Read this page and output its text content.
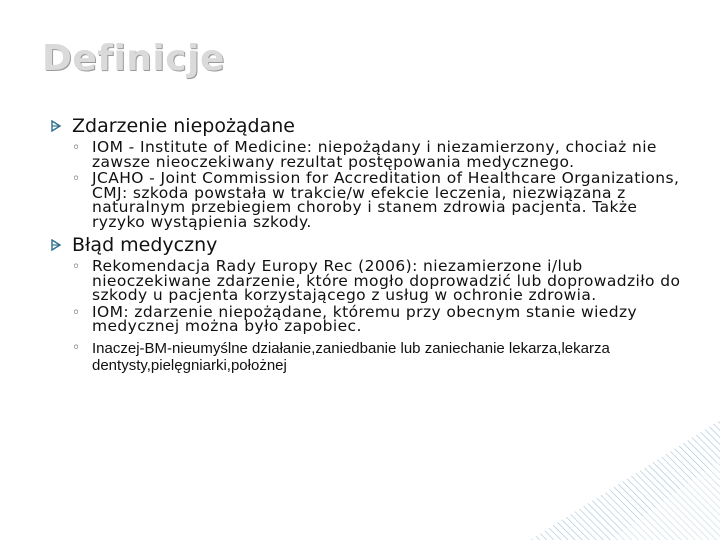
Definicje
Zdarzenie niepożądane
◦ IOM - Institute of Medicine: niepożądany i niezamierzony, chociaż nie zawsze nieoczekiwany rezultat postępowania medycznego.
◦ JCAHO - Joint Commission for Accreditation of Healthcare Organizations, CMJ: szkoda powstała w trakcie/w efekcie leczenia, niezwiązana z naturalnym przebiegiem choroby i stanem zdrowia pacjenta. Także ryzyko wystąpienia szkody.
Błąd medyczny
◦ Rekomendacja Rady Europy Rec (2006): niezamierzone i/lub nieoczekiwane zdarzenie, które mogło doprowadzić lub doprowadziło do szkody u pacjenta korzystającego z usług w ochronie zdrowia.
◦ IOM: zdarzenie niepożądane, któremu przy obecnym stanie wiedzy medycznej można było zapobiec.
◦ Inaczej-BM-nieumyślne działanie,zaniedbanie lub zaniechanie lekarza,lekarza dentysty,pielęgniarki,położnej
